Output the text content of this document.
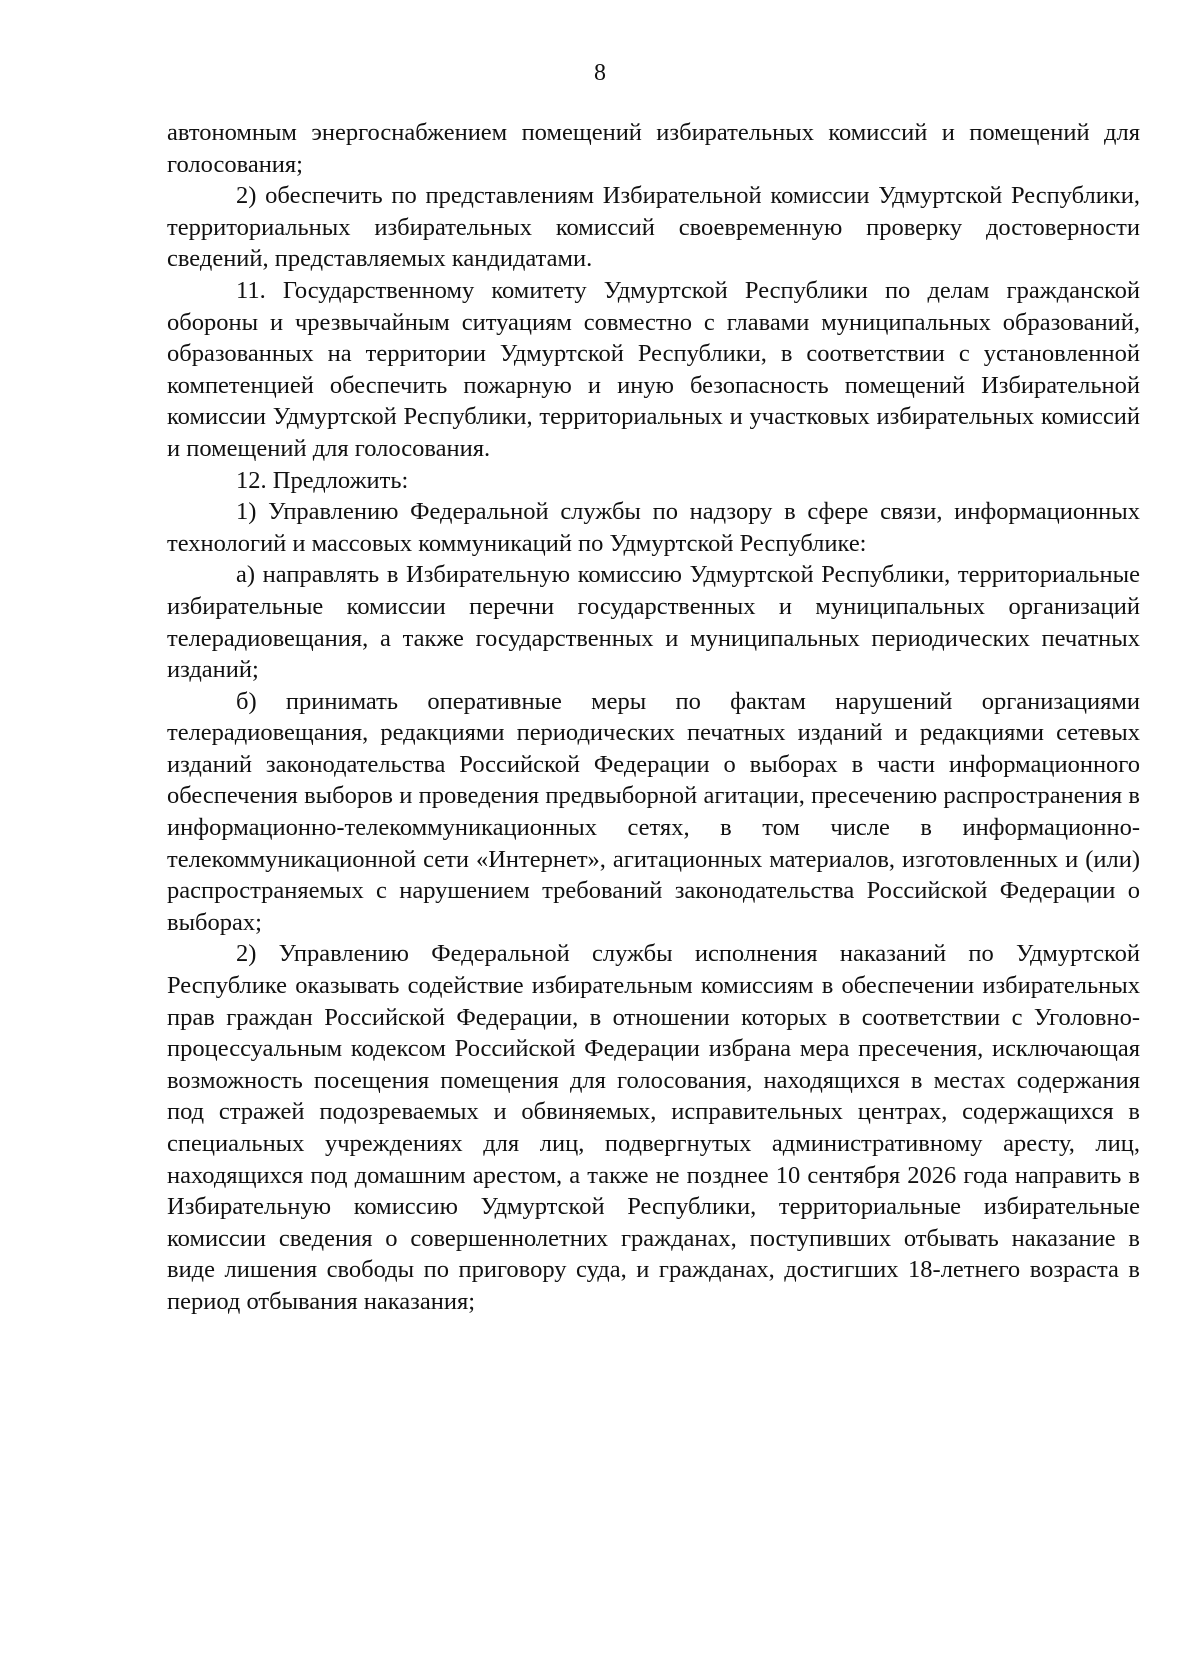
8

автономным энергоснабжением помещений избирательных комиссий и помещений для голосования;

2) обеспечить по представлениям Избирательной комиссии Удмуртской Республики, территориальных избирательных комиссий своевременную проверку достоверности сведений, представляемых кандидатами.

11. Государственному комитету Удмуртской Республики по делам гражданской обороны и чрезвычайным ситуациям совместно с главами муниципальных образований, образованных на территории Удмуртской Республики, в соответствии с установленной компетенцией обеспечить пожарную и иную безопасность помещений Избирательной комиссии Удмуртской Республики, территориальных и участковых избирательных комиссий и помещений для голосования.

12. Предложить:

1) Управлению Федеральной службы по надзору в сфере связи, информационных технологий и массовых коммуникаций по Удмуртской Республике:

а) направлять в Избирательную комиссию Удмуртской Республики, территориальные избирательные комиссии перечни государственных и муниципальных организаций телерадиовещания, а также государственных и муниципальных периодических печатных изданий;

б) принимать оперативные меры по фактам нарушений организациями телерадиовещания, редакциями периодических печатных изданий и редакциями сетевых изданий законодательства Российской Федерации о выборах в части информационного обеспечения выборов и проведения предвыборной агитации, пресечению распространения в информационно-телекоммуникационных сетях, в том числе в информационно-телекоммуникационной сети «Интернет», агитационных материалов, изготовленных и (или) распространяемых с нарушением требований законодательства Российской Федерации о выборах;

2) Управлению Федеральной службы исполнения наказаний по Удмуртской Республике оказывать содействие избирательным комиссиям в обеспечении избирательных прав граждан Российской Федерации, в отношении которых в соответствии с Уголовно-процессуальным кодексом Российской Федерации избрана мера пресечения, исключающая возможность посещения помещения для голосования, находящихся в местах содержания под стражей подозреваемых и обвиняемых, исправительных центрах, содержащихся в специальных учреждениях для лиц, подвергнутых административному аресту, лиц, находящихся под домашним арестом, а также не позднее 10 сентября 2026 года направить в Избирательную комиссию Удмуртской Республики, территориальные избирательные комиссии сведения о совершеннолетних гражданах, поступивших отбывать наказание в виде лишения свободы по приговору суда, и гражданах, достигших 18-летнего возраста в период отбывания наказания;
